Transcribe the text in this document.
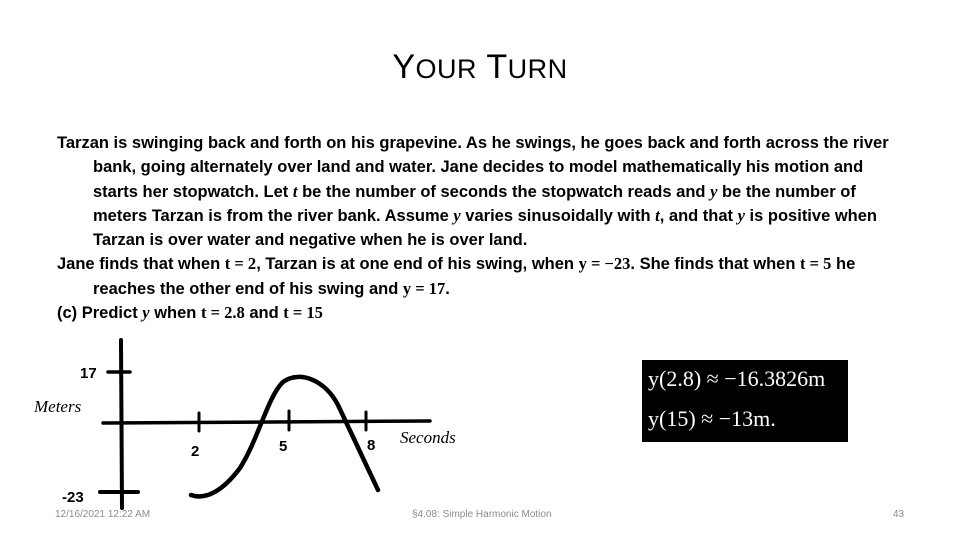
YOUR TURN

Tarzan is swinging back and forth on his grapevine. As he swings, he goes back and forth across the river bank, going alternately over land and water. Jane decides to model mathematically his motion and starts her stopwatch. Let t be the number of seconds the stopwatch reads and y be the number of meters Tarzan is from the river bank. Assume y varies sinusoidally with t, and that y is positive when Tarzan is over water and negative when he is over land.

Jane finds that when t = 2, Tarzan is at one end of his swing, when y = −23. She finds that when t = 5 he reaches the other end of his swing and y = 17.

(c) Predict y when t = 2.8 and t = 15

Meters
Seconds
17
-23
2	5	8
y(2.8) ≈ −16.3826m
y(15) ≈ −13m.
12/16/2021 12:22 AM	§4.08: Simple Harmonic Motion	43
